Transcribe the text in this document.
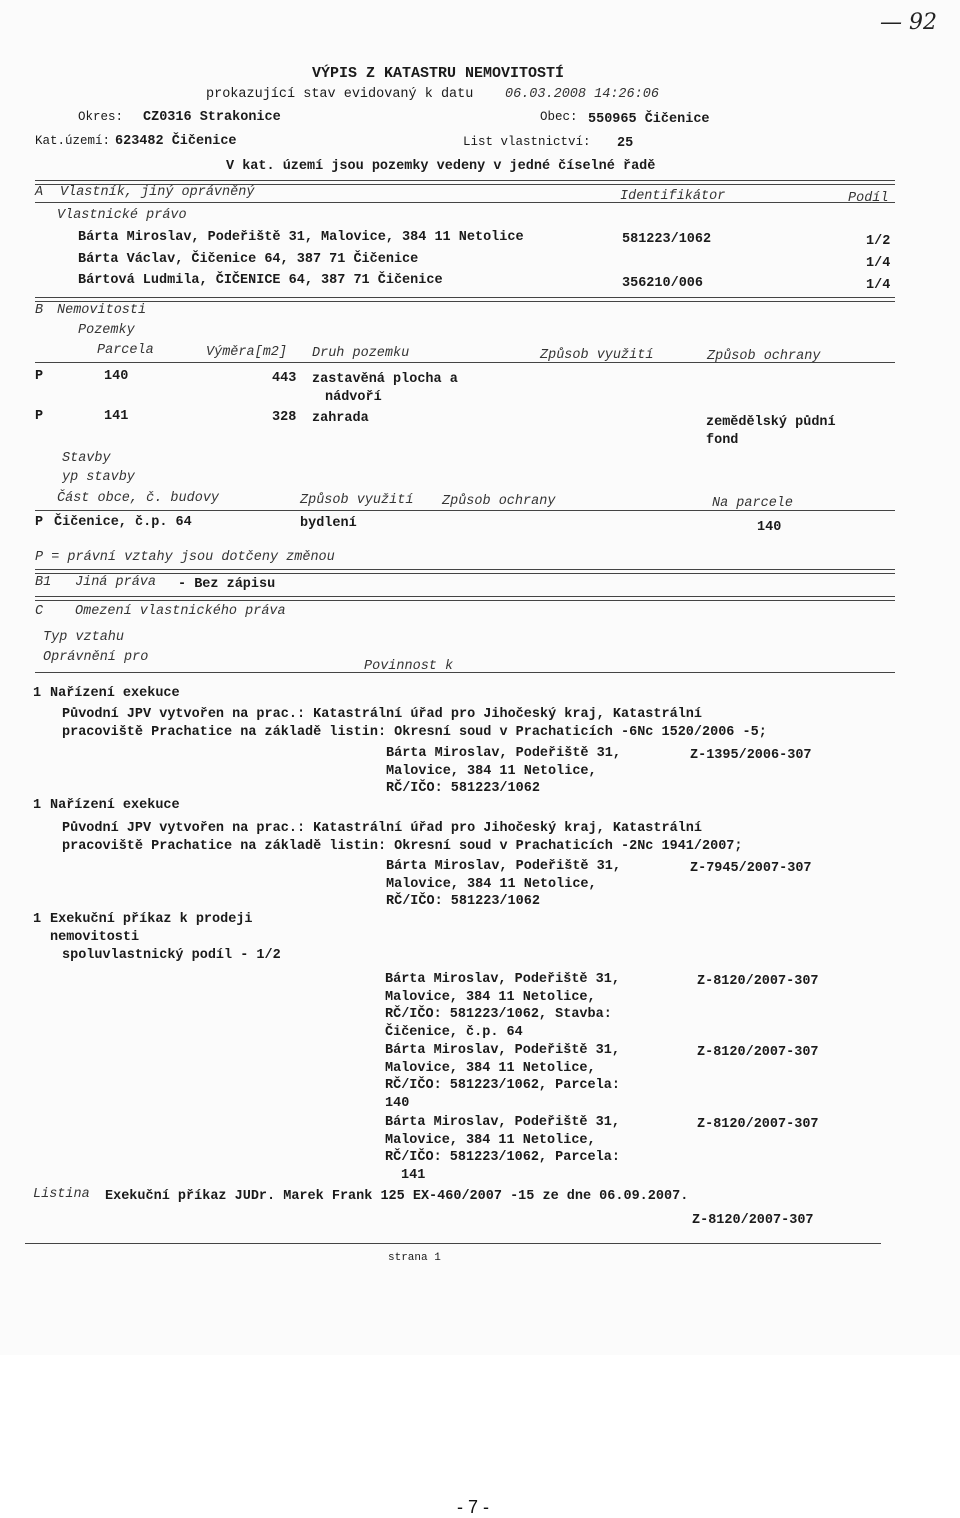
— 92
VÝPIS Z KATASTRU NEMOVITOSTÍ
prokazující stav evidovaný k datu 06.03.2008 14:26:06
Okres: CZ0316 Strakonice	Obec: 550965 Čičenice
Kat.území: 623482 Čičenice	List vlastnictví: 25
V kat. území jsou pozemky vedeny v jedné číselné řadě
A Vlastník, jiný oprávněný	Identifikátor	Podíl
Vlastnické právo
Bárta Miroslav, Podeřiště 31, Malovice, 384 11 Netolice	581223/1062	1/2
Bárta Václav, Čičenice 64, 387 71 Čičenice	1/4
Bártová Ludmila, ČIČENICE 64, 387 71 Čičenice	356210/006	1/4
B Nemovitosti
Pozemky
Parcela	Výměra[m2] Druh pozemku	Způsob využití	Způsob ochrany
P	140	443 zastavěná plocha a
nádvoří
P	141	328 zahrada	zemědělský půdní
fond
Stavby
yp stavby
Část obce, č. budovy	Způsob využití Způsob ochrany	Na parcele
P Čičenice, č.p. 64	bydlení	140
P = právní vztahy jsou dotčeny změnou
B1 Jiná práva - Bez zápisu
C Omezení vlastnického práva
Typ vztahu
Oprávnění pro
Povinnost k
1 Nařízení exekuce
Původní JPV vytvořen na prac.: Katastrální úřad pro Jihočeský kraj, Katastrální
pracoviště Prachatice na základě listin: Okresní soud v Prachaticích -6Nc 1520/2006 -5;
Bárta Miroslav, Podeřiště 31,	Z-1395/2006-307
Malovice, 384 11 Netolice,
RČ/IČO: 581223/1062
1 Nařízení exekuce
Původní JPV vytvořen na prac.: Katastrální úřad pro Jihočeský kraj, Katastrální
pracoviště Prachatice na základě listin: Okresní soud v Prachaticích -2Nc 1941/2007;
Bárta Miroslav, Podeřiště 31,	Z-7945/2007-307
Malovice, 384 11 Netolice,
RČ/IČO: 581223/1062
1 Exekuční příkaz k prodeji
nemovitosti
spoluvlastnický podíl - 1/2
Bárta Miroslav, Podeřiště 31,	Z-8120/2007-307
Malovice, 384 11 Netolice,
RČ/IČO: 581223/1062, Stavba:
Čičenice, č.p. 64
Bárta Miroslav, Podeřiště 31,	Z-8120/2007-307
Malovice, 384 11 Netolice,
RČ/IČO: 581223/1062, Parcela:
140
Bárta Miroslav, Podeřiště 31,	Z-8120/2007-307
Malovice, 384 11 Netolice,
RČ/IČO: 581223/1062, Parcela:
141
Listina Exekuční příkaz JUDr. Marek Frank 125 EX-460/2007 -15 ze dne 06.09.2007.
Z-8120/2007-307
strana 1
- 7 -
